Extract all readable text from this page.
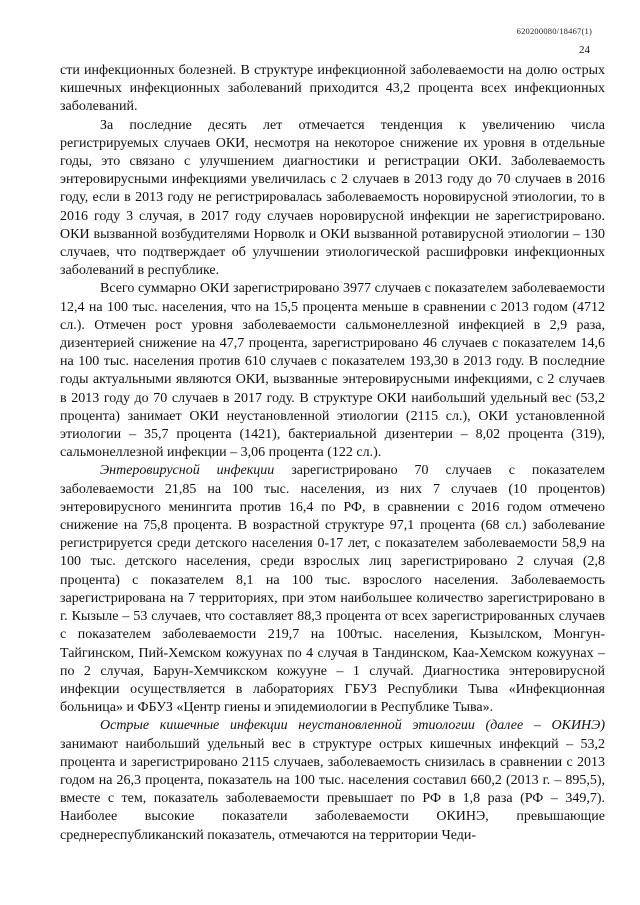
620200080/18467(1)
24

сти инфекционных болезней. В структуре инфекционной заболеваемости на долю острых кишечных инфекционных заболеваний приходится 43,2 процента всех инфекционных заболеваний.

За последние десять лет отмечается тенденция к увеличению числа регистрируемых случаев ОКИ, несмотря на некоторое снижение их уровня в отдельные годы, это связано с улучшением диагностики и регистрации ОКИ. Заболеваемость энтеровирусными инфекциями увеличилась с 2 случаев в 2013 году до 70 случаев в 2016 году, если в 2013 году не регистрировалась заболеваемость норовирусной этиологии, то в 2016 году 3 случая, в 2017 году случаев норовирусной инфекции не зарегистрировано. ОКИ вызванной возбудителями Норволк и ОКИ вызванной ротавирусной этиологии – 130 случаев, что подтверждает об улучшении этиологической расшифровки инфекционных заболеваний в республике.

Всего суммарно ОКИ зарегистрировано 3977 случаев с показателем заболеваемости 12,4 на 100 тыс. населения, что на 15,5 процента меньше в сравнении с 2013 годом (4712 сл.). Отмечен рост уровня заболеваемости сальмонеллезной инфекцией в 2,9 раза, дизентерией снижение на 47,7 процента, зарегистрировано 46 случаев с показателем 14,6 на 100 тыс. населения против 610 случаев с показателем 193,30 в 2013 году. В последние годы актуальными являются ОКИ, вызванные энтеровирусными инфекциями, с 2 случаев в 2013 году до 70 случаев в 2017 году. В структуре ОКИ наибольший удельный вес (53,2 процента) занимает ОКИ неустановленной этиологии (2115 сл.), ОКИ установленной этиологии – 35,7 процента (1421), бактериальной дизентерии – 8,02 процента (319), сальмонеллезной инфекции – 3,06 процента (122 сл.).

Энтеровирусной инфекции зарегистрировано 70 случаев с показателем заболеваемости 21,85 на 100 тыс. населения, из них 7 случаев (10 процентов) энтеровирусного менингита против 16,4 по РФ, в сравнении с 2016 годом отмечено снижение на 75,8 процента. В возрастной структуре 97,1 процента (68 сл.) заболевание регистрируется среди детского населения 0-17 лет, с показателем заболеваемости 58,9 на 100 тыс. детского населения, среди взрослых лиц зарегистрировано 2 случая (2,8 процента) с показателем 8,1 на 100 тыс. взрослого населения. Заболеваемость зарегистрирована на 7 территориях, при этом наибольшее количество зарегистрировано в г. Кызыле – 53 случаев, что составляет 88,3 процента от всех зарегистрированных случаев с показателем заболеваемости 219,7 на 100тыс. населения, Кызылском, Монгун-Тайгинском, Пий-Хемском кожуунах по 4 случая в Тандинском, Каа-Хемском кожуунах – по 2 случая, Барун-Хемчикском кожууне – 1 случай. Диагностика энтеровирусной инфекции осуществляется в лабораториях ГБУЗ Республики Тыва «Инфекционная больница» и ФБУЗ «Центр гиены и эпидемиологии в Республике Тыва».

Острые кишечные инфекции неустановленной этиологии (далее – ОКИНЭ) занимают наибольший удельный вес в структуре острых кишечных инфекций – 53,2 процента и зарегистрировано 2115 случаев, заболеваемость снизилась в сравнении с 2013 годом на 26,3 процента, показатель на 100 тыс. населения составил 660,2 (2013 г. – 895,5), вместе с тем, показатель заболеваемости превышает по РФ в 1,8 раза (РФ – 349,7). Наиболее высокие показатели заболеваемости ОКИНЭ, превышающие среднереспубликанский показатель, отмечаются на территории Чеди-
